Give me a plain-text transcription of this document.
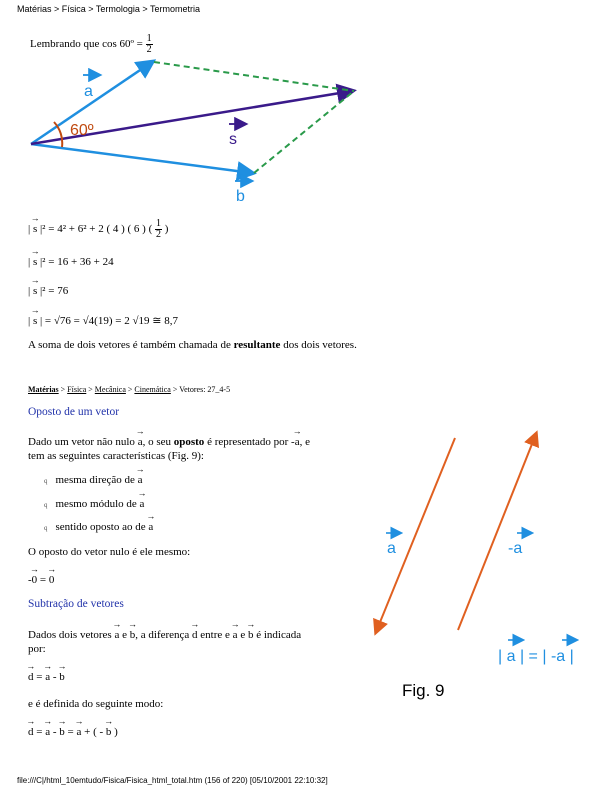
Matérias > Física > Termologia > Termometria
Lembrando que cos 60º = $\frac{1}{2}$
60º
a
s
b
| → s |² = 4² + 6² + 2 ( 4 ) ( 6 ) ( $\frac{1}{2}$ )
| → s |² = 16 + 36 + 24
| → s |² = 76
| → s | = √76 = √4(19) = 2 √19 ≅ 8,7
A soma de dois vetores é também chamada de resultante dos dois vetores.
Matérias > Física > Mecânica > Cinemática > Vetores: 27_4-5
Oposto de um vetor
Dado um vetor não nulo → a, o seu oposto é representado por -→ a, e
tem as seguintes características (Fig. 9):
q mesma direção de → a
q mesmo módulo de → a
q sentido oposto ao de → a
O oposto do vetor nulo é ele mesmo:
-→ 0 = → 0
Subtração de vetores
Dados dois vetores → a e → b, a diferença → d entre e → a e → b é indicada
por:
→ d = → a - → b
e é definida do seguinte modo:
→ d = → a - → b = → a + ( - → b )
a	-a
| a | = | -a |
Fig. 9
file:///C|/html_10emtudo/Fisica/Fisica_html_total.htm (156 of 220) [05/10/2001 22:10:32]
